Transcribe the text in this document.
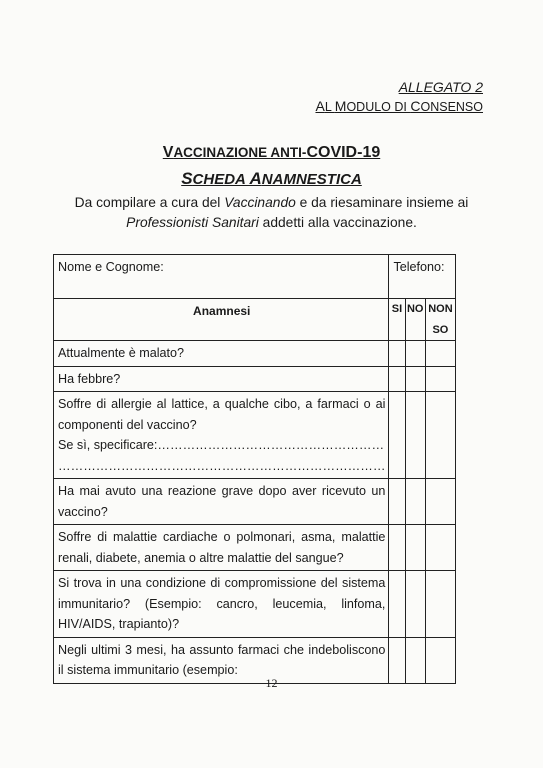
ALLEGATO 2
AL MODULO DI CONSENSO
VACCINAZIONE ANTI-COVID-19
SCHEDA ANAMNESTICA
Da compilare a cura del Vaccinando e da riesaminare insieme ai
Professionisti Sanitari addetti alla vaccinazione.
Nome e Cognome:	Telefono:		
Anamnesi	SI	NO	NON SO
Attualmente è malato?			
Ha febbre?			

Soffre di allergie al lattice, a qualche cibo, a farmaci o ai componenti del vaccino?
Se sì, specificare:………………………………………………
……………………………………………………………………			

Ha mai avuto una reazione grave dopo aver ricevuto un vaccino?			
Soffre di malattie cardiache o polmonari, asma, malattie renali, diabete, anemia o altre malattie del sangue?			
Si trova in una condizione di compromissione del sistema immunitario? (Esempio: cancro, leucemia, linfoma, HIV/AIDS, trapianto)?			
Negli ultimi 3 mesi, ha assunto farmaci che indeboliscono il sistema immunitario (esempio:			
12
